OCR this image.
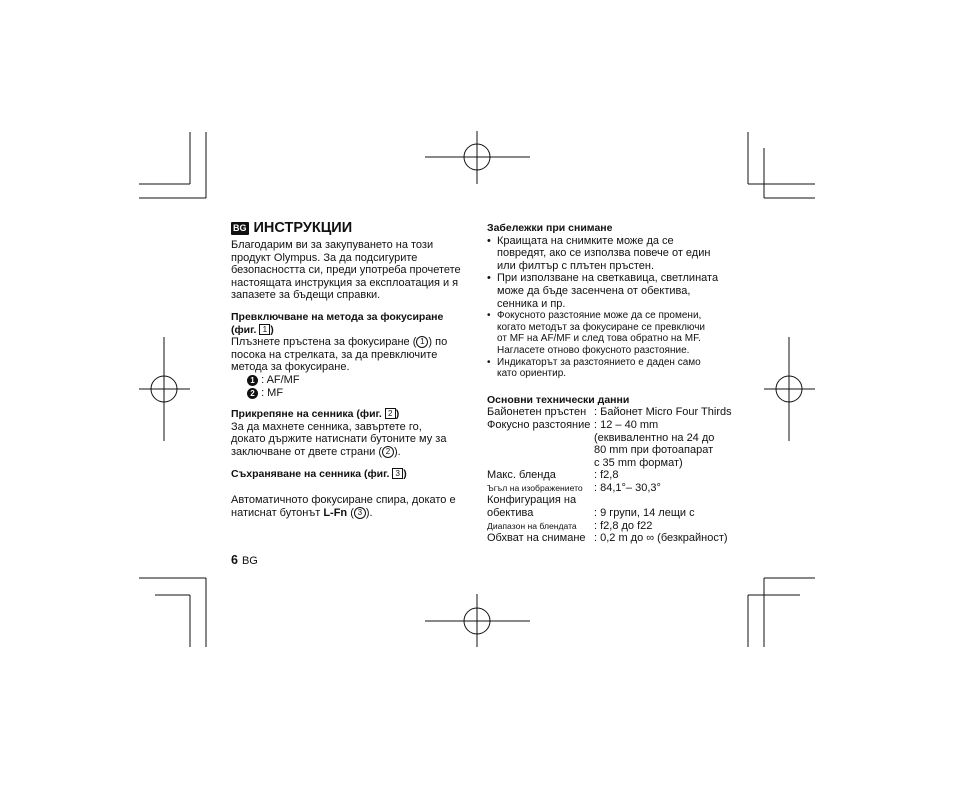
BG ИНСТРУКЦИИ

Благодарим ви за закупуването на този

продукт Olympus. За да подсигурите

безопасността си, преди употреба прочетете

настоящата инструкция за експлоатация и я

запазете за бъдещи справки.

Превключване на метода за фокусиране
(фиг. 1 )

Плъзнете пръстена за фокусиране ( 1 ) по

посока на стрелката, за да превключите

метода за фокусиране.

1 : AF/MF

2 : MF

Прикрепяне на сенника (фиг. 2 )

За да махнете сенника, завъртете го,

докато държите натиснати бутоните му за

заключване от двете страни ( 2 ).

Съхраняване на сенника (фиг. 3 )

Автоматичното фокусиране спира, докато е

натиснат бутонът L-Fn ( 3 ).

Забележки при снимане
• Краищата на снимките може да се
повредят, ако се използва повече от един
или филтър с плътен пръстен.
• При използване на светкавица, светлината
може да бъде засенчена от обектива,
сенника и пр.
• Фокусното разстояние може да се промени,
когато методът за фокусиране се превключи
от MF на AF/MF и след това обратно на MF.
Нагласете отново фокусното разстояние.
• Индикаторът за разстоянието е даден само
като ориентир.
Основни технически данни
Байонетен пръстен : Байонет Micro Four Thirds
Фокусно разстояние : 12 – 40 mm
(еквивалентно на 24 до
80 mm при фотоапарат
с 35 mm формат)
Макс. бленда	: f2,8
Ъгъл на изображението	: 84,1°– 30,3°
Конфигурация на
обектива	: 9 групи, 14 лещи с
Диапазон на блендата	: f2,8 до f22
Обхват на снимане : 0,2 m до ∞ (безкрайност)
6 BG
